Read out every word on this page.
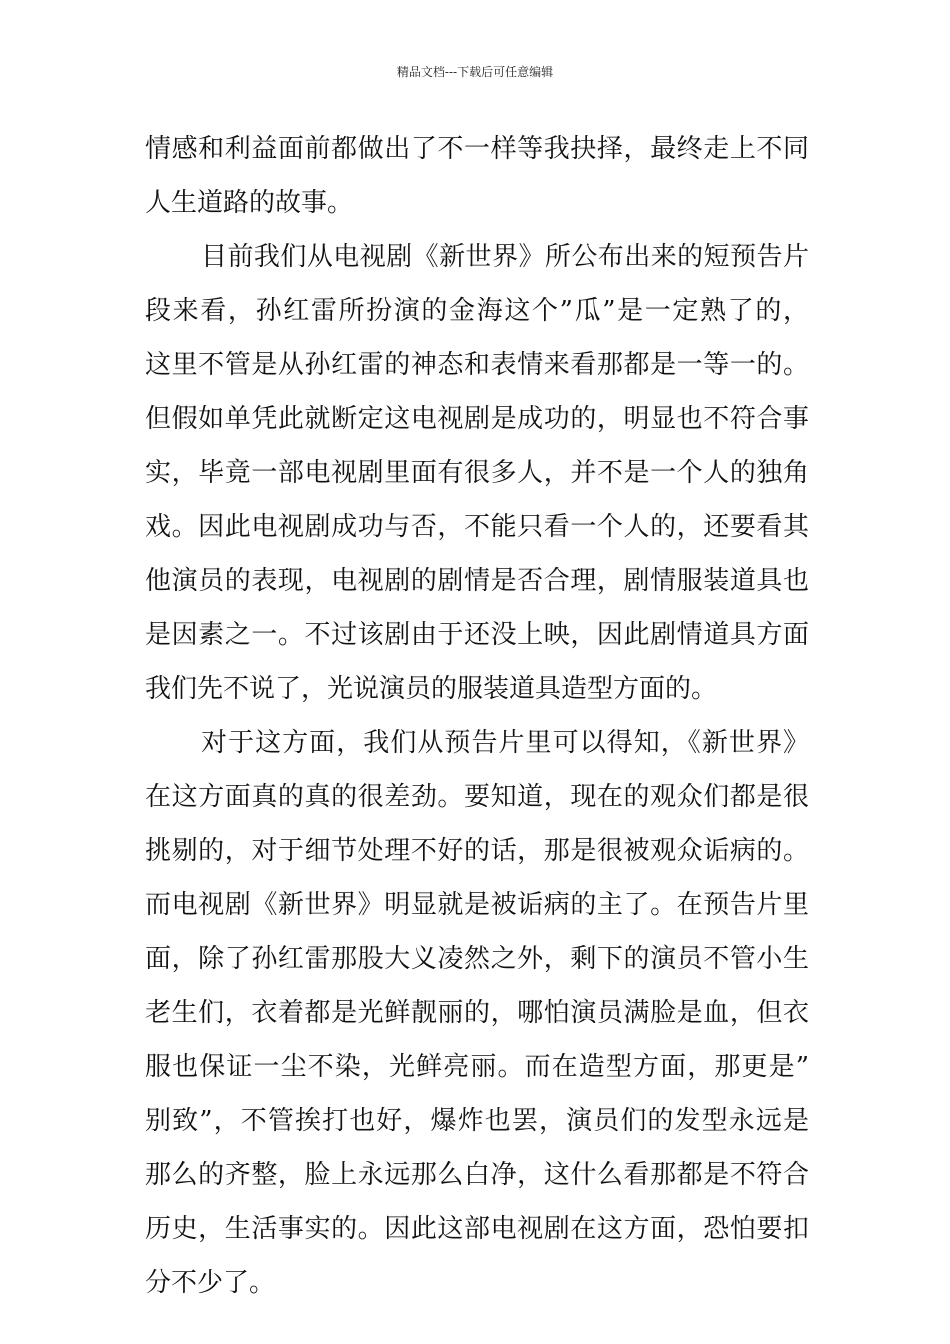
精品文档---下载后可任意编辑
情感和利益面前都做出了不一样等我抉择，最终走上不同
人生道路的故事。
目前我们从电视剧《新世界》所公布出来的短预告片
段来看，孙红雷所扮演的金海这个”瓜”是一定熟了的，
这里不管是从孙红雷的神态和表情来看那都是一等一的。
但假如单凭此就断定这电视剧是成功的，明显也不符合事
实，毕竟一部电视剧里面有很多人，并不是一个人的独角
戏。因此电视剧成功与否，不能只看一个人的，还要看其
他演员的表现，电视剧的剧情是否合理，剧情服装道具也
是因素之一。不过该剧由于还没上映，因此剧情道具方面
我们先不说了，光说演员的服装道具造型方面的。
对于这方面，我们从预告片里可以得知，《新世界》
在这方面真的真的很差劲。要知道，现在的观众们都是很
挑剔的，对于细节处理不好的话，那是很被观众诟病的。
而电视剧《新世界》明显就是被诟病的主了。在预告片里
面，除了孙红雷那股大义凌然之外，剩下的演员不管小生
老生们，衣着都是光鲜靓丽的，哪怕演员满脸是血，但衣
服也保证一尘不染，光鲜亮丽。而在造型方面，那更是”
别致”，不管挨打也好，爆炸也罢，演员们的发型永远是
那么的齐整，脸上永远那么白净，这什么看那都是不符合
历史，生活事实的。因此这部电视剧在这方面，恐怕要扣
分不少了。
